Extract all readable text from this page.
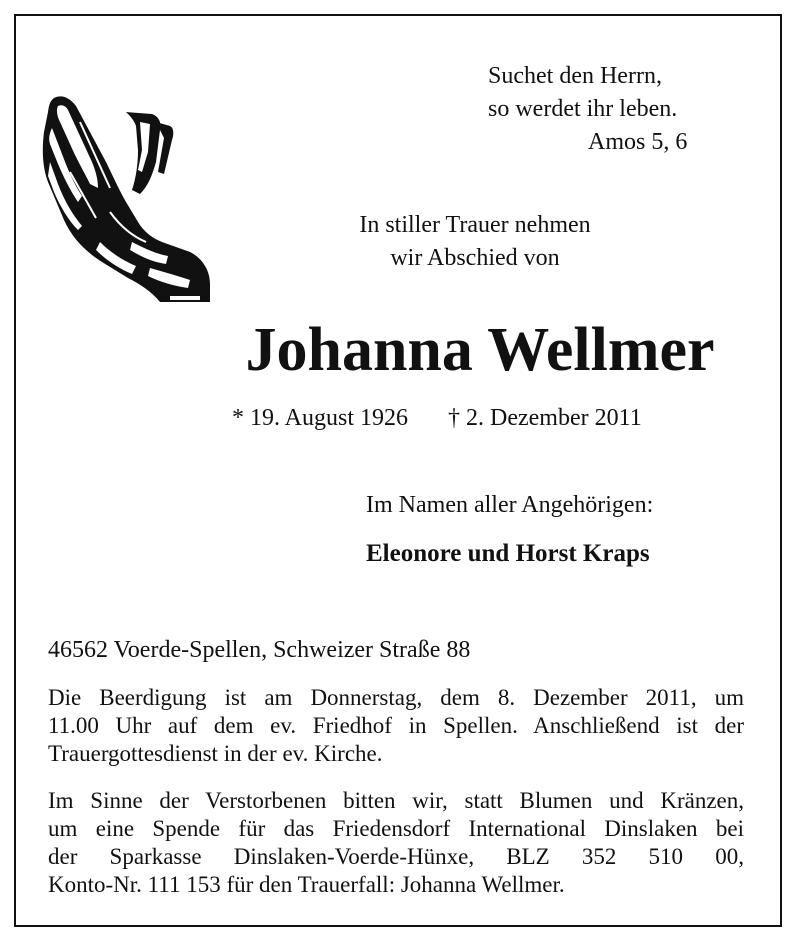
Suchet den Herrn,
so werdet ihr leben.
Amos 5, 6
In stiller Trauer nehmen
wir Abschied von
Johanna Wellmer
* 19. August 1926 † 2. Dezember 2011
Im Namen aller Angehörigen:
Eleonore und Horst Kraps
46562 Voerde-Spellen, Schweizer Straße 88

Die Beerdigung ist am Donnerstag, dem 8. Dezember 2011, um
11.00 Uhr auf dem ev. Friedhof in Spellen. Anschließend ist der
Trauergottesdienst in der ev. Kirche.

Im Sinne der Verstorbenen bitten wir, statt Blumen und Kränzen,
um eine Spende für das Friedensdorf International Dinslaken bei
der Sparkasse Dinslaken-Voerde-Hünxe, BLZ 352 510 00,
Konto-Nr. 111 153 für den Trauerfall: Johanna Wellmer.
